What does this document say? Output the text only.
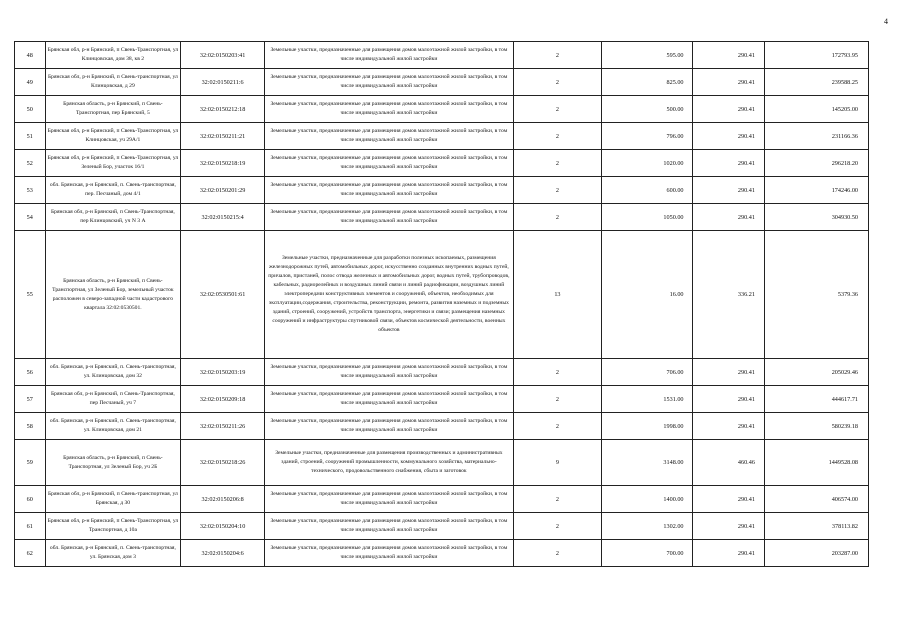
4
48	Брянская обл, р-н Брянский, п Свень-Транспортная, ул Клинцовская, дом 38, кв 2	32:02:0150203:41	Земельные участки, предназначенные для размещения домов малоэтажной жилой застройки, в том числе индивидуальной жилой застройки	2	595.00	290.41	172793.95
49	Брянская обл, р-н Брянский, п Свень-транспортная, ул Клинцовская, д 29	32:02:0150211:6	Земельные участки, предназначенные для размещения домов малоэтажной жилой застройки, в том числе индивидуальной жилой застройки	2	825.00	290.41	239588.25
50	Брянская область, р-н Брянский, п Свень-Транспортная, пер Брянский, 5	32:02:0150212:18	Земельные участки, предназначенные для размещения домов малоэтажной жилой застройки, в том числе индивидуальной жилой застройки	2	500.00	290.41	145205.00
51	Брянская обл, р-н Брянский, п Свень-Транспортная, ул Клинцовская, уч 29А/1	32:02:0150211:21	Земельные участки, предназначенные для размещения домов малоэтажной жилой застройки, в том числе индивидуальной жилой застройки	2	796.00	290.41	231166.36
52	Брянская обл, р-н Брянский, п Свень-Транспортная, ул Зеленый Бор, участок 16/1	32:02:0150218:19	Земельные участки, предназначенные для размещения домов малоэтажной жилой застройки, в том числе индивидуальной жилой застройки	2	1020.00	290.41	296218.20
53	обл. Брянская, р-н Брянский, п. Свень-транспортная, пер. Песчаный, дом 4/1	32:02:0150201:29	Земельные участки, предназначенные для размещения домов малоэтажной жилой застройки, в том числе индивидуальной жилой застройки	2	600.00	290.41	174246.00
54	Брянская обл, р-н Брянский, п Свень-Транспортная, пер Клинцовский, уч N 3 А	32:02:0150215:4	Земельные участки, предназначенные для размещения домов малоэтажной жилой застройки, в том числе индивидуальной жилой застройки	2	1050.00	290.41	304930.50
55	Брянская область, р-н Брянский, п Свень-Транспортная, ул Зеленый Бор, земельный участок расположен в северо-западной части кадастрового квартала 32:02:0530501.	32:02:0530501:61	Земельные участки, предназначенные для разработки полезных ископаемых, размещения железнодорожных путей, автомобильных дорог, искусственно созданных внутренних водных путей, причалов, пристаней, полос отвода железных и автомобильных дорог, водных путей, трубопроводов, кабельных, радиорелейных и воздушных линий связи и линий радиофикации, воздушных линий электропередачи конструктивных элементов и сооружений, объектов, необходимых для эксплуатации,содержания, строительства, реконструкции, ремонта, развития наземных и подземных зданий, строений, сооружений, устройств транспорта, энергетики и связи; размещения наземных сооружений и инфраструктуры спутниковой связи, объектов космической деятельности, военных объектов	13	16.00	336.21	5379.36
56	обл. Брянская, р-н Брянский, п. Свень-транспортная, ул. Клинцовская, дом 32	32:02:0150203:19	Земельные участки, предназначенные для размещения домов малоэтажной жилой застройки, в том числе индивидуальной жилой застройки	2	706.00	290.41	205029.46
57	Брянская обл, р-н Брянский, п Свень-Транспортная, пер Песчаный, уч 7	32:02:0150209:18	Земельные участки, предназначенные для размещения домов малоэтажной жилой застройки, в том числе индивидуальной жилой застройки	2	1531.00	290.41	444617.71
58	обл. Брянская, р-н Брянский, п. Свень-транспортная, ул. Клинцовская, дом 21	32:02:0150211:26	Земельные участки, предназначенные для размещения домов малоэтажной жилой застройки, в том числе индивидуальной жилой застройки	2	1998.00	290.41	580239.18
59	Брянская область, р-н Брянский, п Свень-Транспортная, ул Зеленый Бор, уч 2Б	32:02:0150218:26	Земельные участки, предназначенные для размещения производственных и административных зданий, строений, сооружений промышленности, коммунального хозяйства, материально-технического, продовольственного снабжения, сбыта и заготовок	9	3148.00	460.46	1449528.08
60	Брянская обл, р-н Брянский, п Свень-транспортная, ул Брянская, д 30	32:02:0150206:8	Земельные участки, предназначенные для размещения домов малоэтажной жилой застройки, в том числе индивидуальной жилой застройки	2	1400.00	290.41	406574.00
61	Брянская обл, р-н Брянский, п Свень-Транспортная, ул Транспортная, д 10а	32:02:0150204:10	Земельные участки, предназначенные для размещения домов малоэтажной жилой застройки, в том числе индивидуальной жилой застройки	2	1302.00	290.41	378113.82
62	обл. Брянская, р-н Брянский, п. Свень-транспортная, ул. Брянская, дом 3	32:02:0150204:6	Земельные участки, предназначенные для размещения домов малоэтажной жилой застройки, в том числе индивидуальной жилой застройки	2	700.00	290.41	203287.00
